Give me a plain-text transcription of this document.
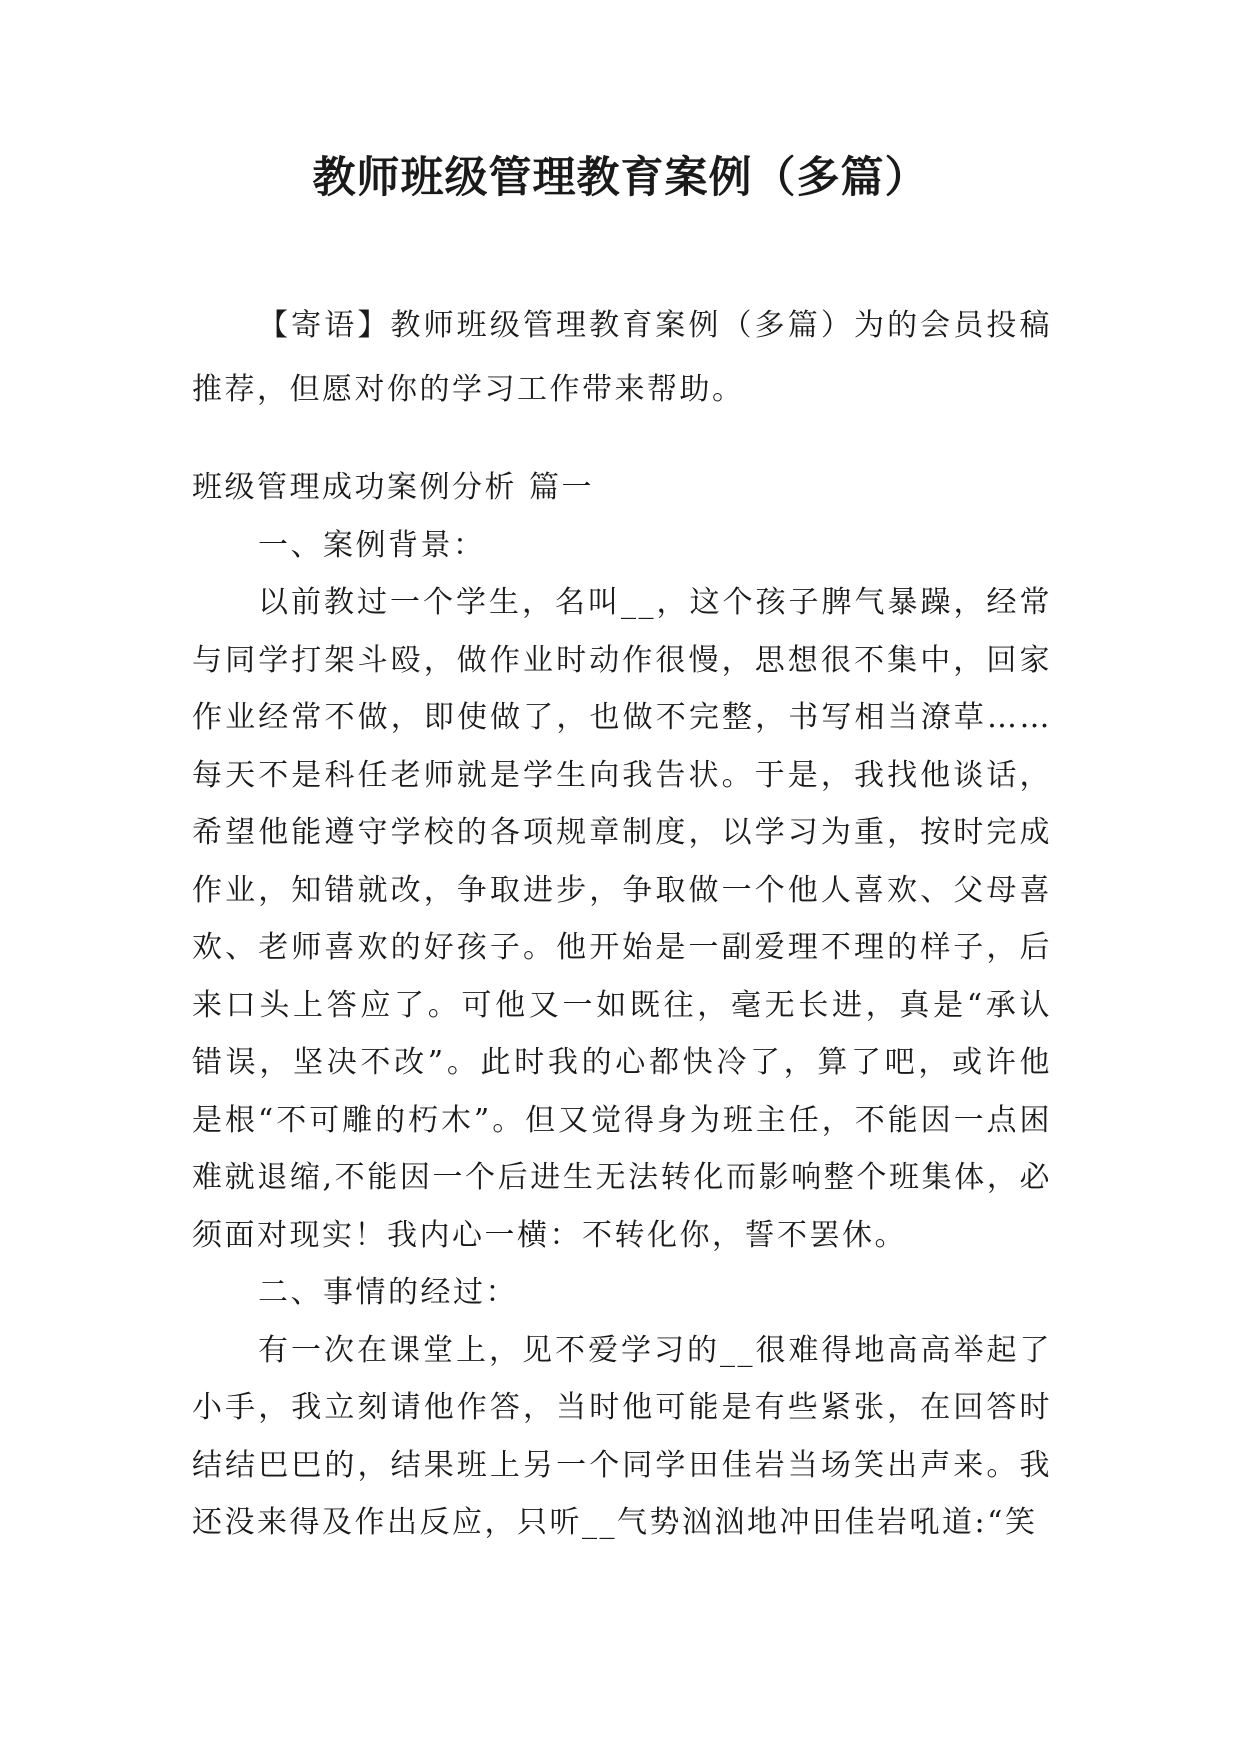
教师班级管理教育案例（多篇）

【寄语】教师班级管理教育案例（多篇）为的会员投稿推荐，但愿对你的学习工作带来帮助。

班级管理成功案例分析 篇一

一、案例背景：

以前教过一个学生，名叫__，这个孩子脾气暴躁，经常与同学打架斗殴，做作业时动作很慢，思想很不集中，回家作业经常不做，即使做了，也做不完整，书写相当潦草……每天不是科任老师就是学生向我告状。于是，我找他谈话，希望他能遵守学校的各项规章制度，以学习为重，按时完成作业，知错就改，争取进步，争取做一个他人喜欢、父母喜欢、老师喜欢的好孩子。他开始是一副爱理不理的样子，后来口头上答应了。可他又一如既往，毫无长进，真是“承认错误，坚决不改”。此时我的心都快冷了，算了吧，或许他是根“不可雕的朽木”。但又觉得身为班主任，不能因一点困难就退缩,不能因一个后进生无法转化而影响整个班集体，必须面对现实！我内心一横：不转化你，誓不罢休。

二、事情的经过：

有一次在课堂上，见不爱学习的__很难得地高高举起了小手，我立刻请他作答，当时他可能是有些紧张，在回答时结结巴巴的，结果班上另一个同学田佳岩当场笑出声来。我还没来得及作出反应，只听__气势汹汹地冲田佳岩吼道:“笑
